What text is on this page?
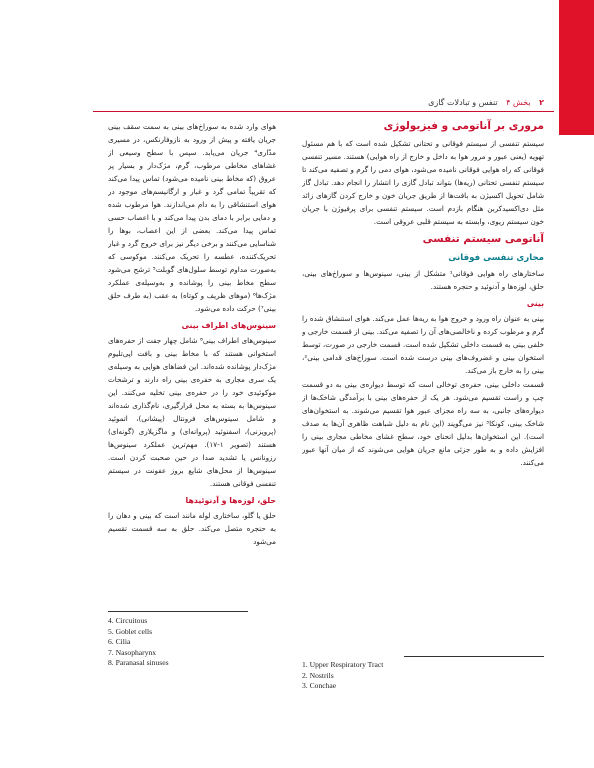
۲ بخش ۴ تنفس و تبادلات گازی
مروری بر آناتومی و فیزیولوژی

سیستم تنفسی از سیستم فوقانی و تحتانی تشکیل شده است که با هم مسئول تهویه (یعنی عبور و مرور هوا به داخل و خارج از راه هوایی) هستند. مسیر تنفسی فوقانی که راه هوایی فوقانی نامیده می‌شود، هوای دمی را گرم و تصفیه می‌کند تا سیستم تنفسی تحتانی (ریه‌ها) بتواند تبادل گازی را انتشار را انجام دهد. تبادل گاز شامل تحویل اکسیژن به بافت‌ها از طریق جریان خون و خارج کردن گازهای زائد مثل دی‌اکسیدکربن هنگام بازدم است. سیستم تنفسی برای پرفیوژن با جریان خون سیستم ریوی، وابسته به سیستم قلبی عروقی است.

آناتومی سیستم تنفسی
مجاری تنفسی فوقانی

ساختارهای راه هوایی فوقانی¹ متشکل از بینی، سینوس‌ها و سوراخ‌های بینی، حلق، لوزه‌ها و آدنوئید و حنجره هستند.

بینی

بینی به عنوان راه ورود و خروج هوا به ریه‌ها عمل می‌کند. هوای استنشاق شده را گرم و مرطوب کرده و ناخالصی‌های آن را تصفیه می‌کند. بینی از قسمت خارجی و خلفی بینی به قسمت داخلی تشکیل شده است. قسمت خارجی در صورت، توسط استخوان بینی و غضروف‌های بینی درست شده است. سوراخ‌های قدامی بینی²، بینی را به خارج باز می‌کند.

قسمت داخلی بینی، حفره‌ی توخالی است که توسط دیواره‌ی بینی به دو قسمت چپ و راست تقسیم می‌شود. هر یک از حفره‌های بینی با برآمدگی شاخک‌ها از دیواره‌های جانبی، به سه راه مجزای عبور هوا تقسیم می‌شوند. به استخوان‌های شاخک بینی، کونکا³ نیز می‌گویند (این نام به دلیل شباهت ظاهری آن‌ها به صدف است). این استخوان‌ها بدلیل انحنای خود، سطح غشای مخاطی مجاری بینی را افزایش داده و به طور جزئی مانع جریان هوایی می‌شوند که از میان آنها عبور می‌کنند.

هوای وارد شده به سوراخ‌های بینی به سمت سقف بینی جریان یافته و پیش از ورود به نازوفارنکس، در مسیری مدّاری⁴ جریان می‌یابد. سپس با سطح وسیعی از غشاهای مخاطی مرطوب، گرم، مژک‌دار و بسیار پر عروق (که مخاط بینی نامیده می‌شود) تماس پیدا می‌کند که تقریباً تمامی گرد و غبار و ارگانیسم‌های موجود در هوای استنشاقی را به دام می‌اندازند. هوا مرطوب شده و دمایی برابر با دمای بدن پیدا می‌کند و با اعصاب حسی تماس پیدا می‌کند. بعضی از این اعصاب، بوها را شناسایی می‌کنند و برخی دیگر نیز برای خروج گرد و غبار تحریک‌کننده، عطسه را تحریک می‌کنند. موکوسی که به‌صورت مداوم توسط سلول‌های گوبلت⁵ ترشح می‌شود سطح مخاط بینی را پوشانده و به‌وسیله‌ی عملکرد مژک‌ها⁶ (موهای ظریف و کوتاه) به عقب (به طرف حلق بینی⁷) حرکت داده می‌شود.

سینوس‌های اطراف بینی

سینوس‌های اطراف بینی⁸ شامل چهار جفت از حفره‌های استخوانی هستند که با مخاط بینی و بافت اپی‌تلیوم مژک‌دار پوشانده شده‌اند. این فضاهای هوایی به وسیله‌ی یک سری مجاری به حفره‌ی بینی راه دارند و ترشحات موکوئیدی خود را در حفره‌ی بینی تخلیه می‌کنند. این سینوس‌ها به بسته به محل قرارگیری، نام‌گذاری شده‌اند و شامل سینوس‌های فرونتال (پیشانی)، اتموئید (پرویزنی)، اسفنوئید (پروانه‌ای) و ماگزیلاری (گونه‌ای) هستند (تصویر ۱-۱۷). مهم‌ترین عملکرد سینوس‌ها رزونانس یا تشدید صدا در حین صحبت کردن است. سینوس‌ها از محل‌های شایع بروز عفونت در سیستم تنفسی فوقانی هستند.

حلق، لوزه‌ها و آدنوئیدها

حلق یا گلو، ساختاری لوله مانند است که بینی و دهان را به حنجره متصل می‌کند. حلق به سه قسمت تقسیم می‌شود

4. Circuitous
5. Goblet cells
6. Cilia
7. Nasopharynx
8. Paranasal sinuses	1. Upper Respiratory Tract
2. Nostrils
3. Conchae
